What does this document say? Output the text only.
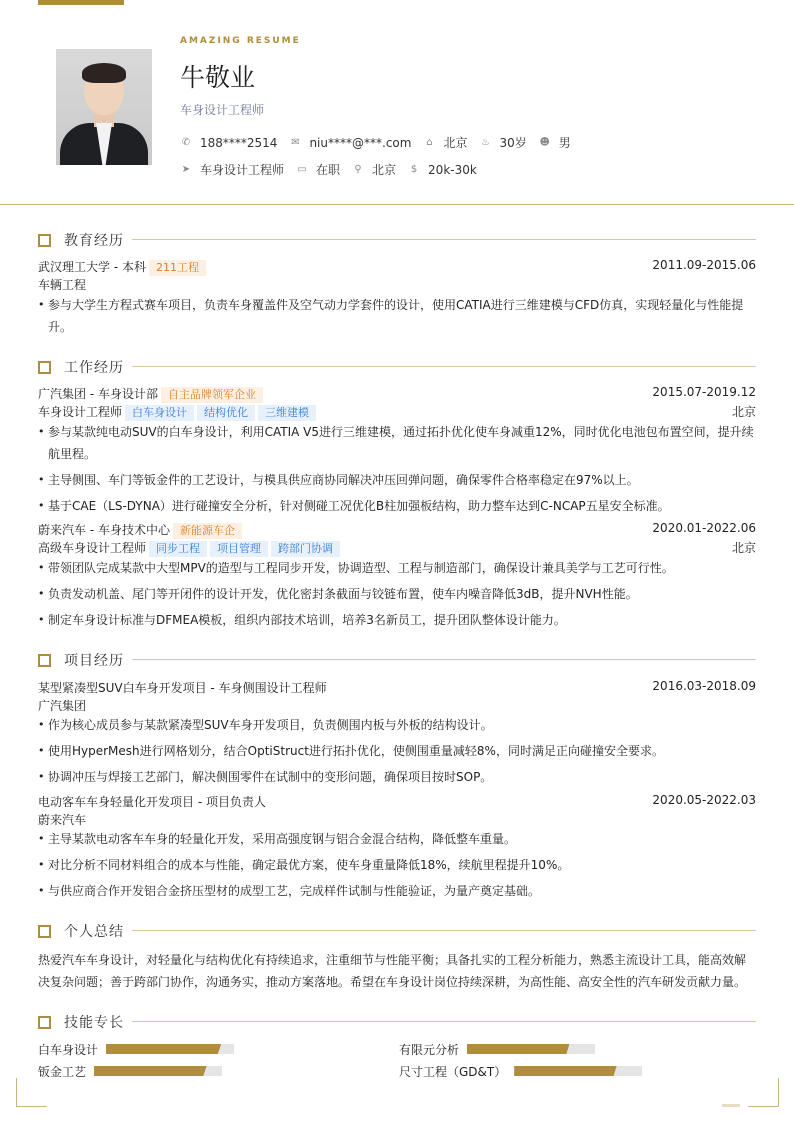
AMAZING RESUME
牛敬业
车身设计工程师
✆ 188****2514 ✉ niu****@***.com ⌂ 北京 ♨ 30岁 ☻ 男
➤ 车身设计工程师 ▭ 在职 ⚲ 北京 $ 20k-30k
教育经历
武汉理工大学 - 本科 211工程	2011.09-2015.06
车辆工程
• 参与大学生方程式赛车项目，负责车身覆盖件及空气动力学套件的设计，使用CATIA进行三维建模与CFD仿真，实现轻量化与性能提升。
工作经历
广汽集团 - 车身设计部 自主品牌领军企业	2015.07-2019.12
车身设计工程师 白车身设计 结构优化 三维建模	北京
• 参与某款纯电动SUV的白车身设计，利用CATIA V5进行三维建模，通过拓扑优化使车身减重12%，同时优化电池包布置空间，提升续航里程。
• 主导侧围、车门等钣金件的工艺设计，与模具供应商协同解决冲压回弹问题，确保零件合格率稳定在97%以上。
• 基于CAE（LS-DYNA）进行碰撞安全分析，针对侧碰工况优化B柱加强板结构，助力整车达到C-NCAP五星安全标准。
蔚来汽车 - 车身技术中心 新能源车企	2020.01-2022.06
高级车身设计工程师 同步工程 项目管理 跨部门协调	北京
• 带领团队完成某款中大型MPV的造型与工程同步开发，协调造型、工程与制造部门，确保设计兼具美学与工艺可行性。
• 负责发动机盖、尾门等开闭件的设计开发，优化密封条截面与铰链布置，使车内噪音降低3dB，提升NVH性能。
• 制定车身设计标准与DFMEA模板，组织内部技术培训，培养3名新员工，提升团队整体设计能力。
项目经历
某型紧凑型SUV白车身开发项目 - 车身侧围设计工程师	2016.03-2018.09
广汽集团
• 作为核心成员参与某款紧凑型SUV车身开发项目，负责侧围内板与外板的结构设计。
• 使用HyperMesh进行网格划分，结合OptiStruct进行拓扑优化，使侧围重量减轻8%，同时满足正向碰撞安全要求。
• 协调冲压与焊接工艺部门，解决侧围零件在试制中的变形问题，确保项目按时SOP。
电动客车车身轻量化开发项目 - 项目负责人	2020.05-2022.03
蔚来汽车
• 主导某款电动客车车身的轻量化开发，采用高强度钢与铝合金混合结构，降低整车重量。
• 对比分析不同材料组合的成本与性能，确定最优方案，使车身重量降低18%，续航里程提升10%。
• 与供应商合作开发铝合金挤压型材的成型工艺，完成样件试制与性能验证，为量产奠定基础。
个人总结
热爱汽车车身设计，对轻量化与结构优化有持续追求，注重细节与性能平衡；具备扎实的工程分析能力，熟悉主流设计工具，能高效解决复杂问题；善于跨部门协作，沟通务实，推动方案落地。希望在车身设计岗位持续深耕，为高性能、高安全性的汽车研发贡献力量。
技能专长
白车身设计	有限元分析
钣金工艺	尺寸工程（GD&T）
